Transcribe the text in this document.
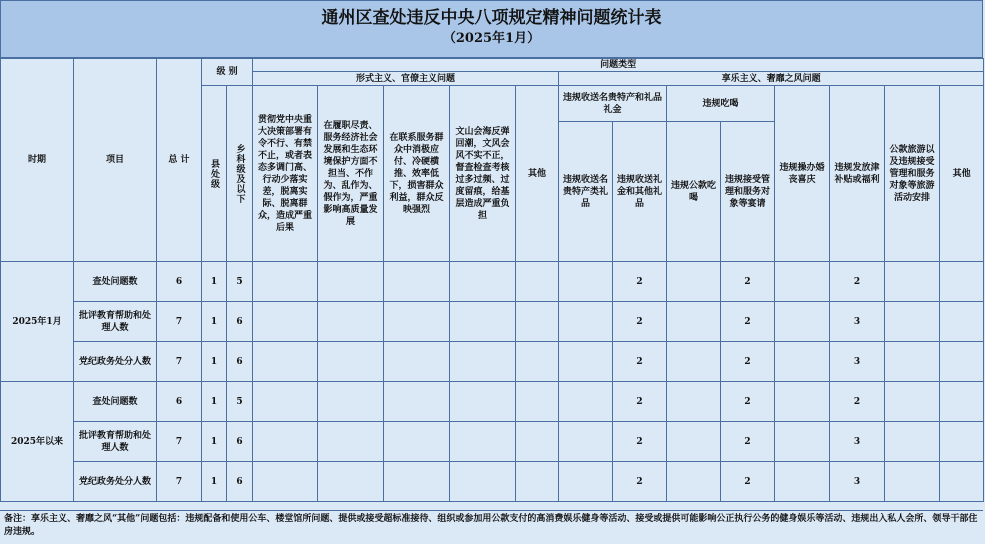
通州区查处违反中央八项规定精神问题统计表
（2025年1月）
时期	项目	总 计	级 别		问题类型												
					形式主义、官僚主义问题					享乐主义、奢靡之风问题							
			县处级	乡科级及以下	贯彻党中央重大决策部署有令不行、有禁不止，或者表态多调门高、行动少落实差，脱离实际、脱离群众，造成严重后果	在履职尽责、服务经济社会发展和生态环境保护方面不担当、不作为、乱作为、假作为，严重影响高质量发展	在联系服务群众中消极应付、冷硬横推、效率低下，损害群众利益，群众反映强烈	文山会海反弹回潮，文风会风不实不正，督查检查考核过多过频、过度留痕，给基层造成严重负担	其他	违规收送名贵特产和礼品礼金		违规吃喝		违规操办婚丧喜庆	违规发放津补贴或福利	公款旅游以及违规接受管理和服务对象等旅游活动安排	其他
										违规收送名贵特产类礼品	违规收送礼金和其他礼品	违规公款吃喝	违规接受管理和服务对象等宴请				
2025年1月	查处问题数	6	1	5							2		2		2		
	批评教育帮助和处理人数	7	1	6							2		2		3		
	党纪政务处分人数	7	1	6							2		2		3		
2025年以来	查处问题数	6	1	5							2		2		2		
	批评教育帮助和处理人数	7	1	6							2		2		3		
	党纪政务处分人数	7	1	6							2		2		3		
备注：享乐主义、奢靡之风“其他”问题包括：违规配备和使用公车、楼堂馆所问题、提供或接受超标准接待、组织或参加用公款支付的高消费娱乐健身等活动、接受或提供可能影响公正执行公务的健身娱乐等活动、违规出入私人会所、领导干部住房违规。
